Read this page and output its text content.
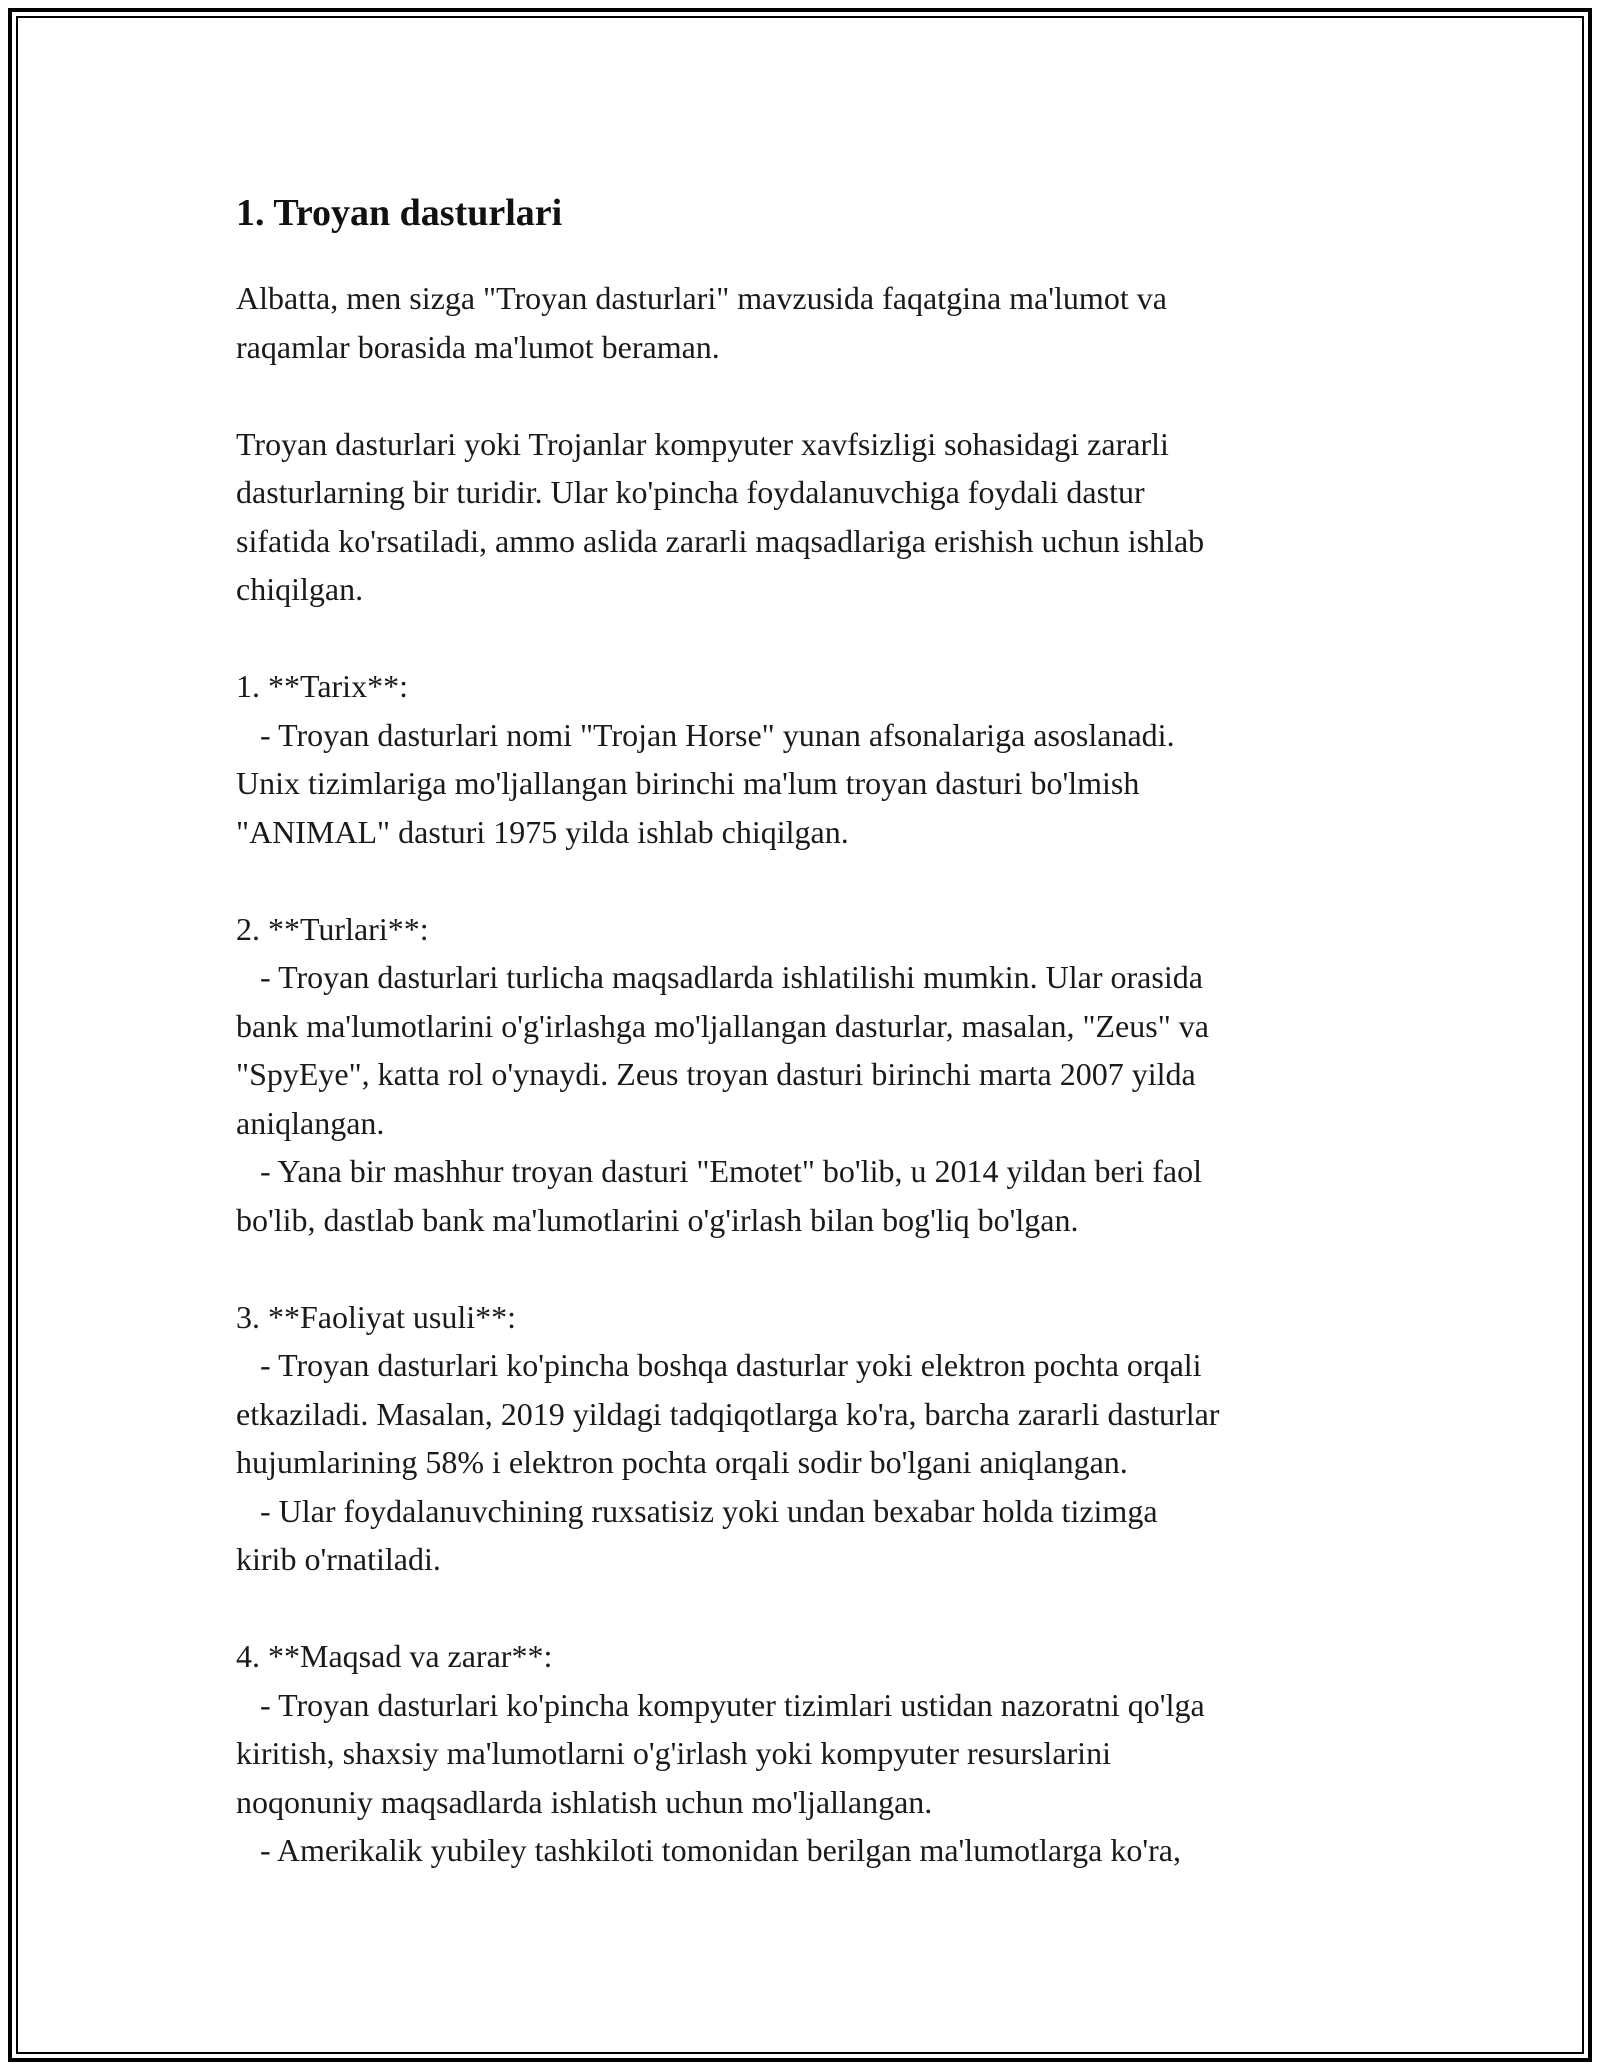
1. Troyan dasturlari

Albatta, men sizga "Troyan dasturlari" mavzusida faqatgina ma'lumot va
raqamlar borasida ma'lumot beraman.

Troyan dasturlari yoki Trojanlar kompyuter xavfsizligi sohasidagi zararli
dasturlarning bir turidir. Ular ko'pincha foydalanuvchiga foydali dastur
sifatida ko'rsatiladi, ammo aslida zararli maqsadlariga erishish uchun ishlab
chiqilgan.

1. **Tarix**:
- Troyan dasturlari nomi "Trojan Horse" yunan afsonalariga asoslanadi.
Unix tizimlariga mo'ljallangan birinchi ma'lum troyan dasturi bo'lmish
"ANIMAL" dasturi 1975 yilda ishlab chiqilgan.
2. **Turlari**:
- Troyan dasturlari turlicha maqsadlarda ishlatilishi mumkin. Ular orasida
bank ma'lumotlarini o'g'irlashga mo'ljallangan dasturlar, masalan, "Zeus" va
"SpyEye", katta rol o'ynaydi. Zeus troyan dasturi birinchi marta 2007 yilda
aniqlangan.
- Yana bir mashhur troyan dasturi "Emotet" bo'lib, u 2014 yildan beri faol
bo'lib, dastlab bank ma'lumotlarini o'g'irlash bilan bog'liq bo'lgan.
3. **Faoliyat usuli**:
- Troyan dasturlari ko'pincha boshqa dasturlar yoki elektron pochta orqali
etkaziladi. Masalan, 2019 yildagi tadqiqotlarga ko'ra, barcha zararli dasturlar
hujumlarining 58% i elektron pochta orqali sodir bo'lgani aniqlangan.
- Ular foydalanuvchining ruxsatisiz yoki undan bexabar holda tizimga
kirib o'rnatiladi.
4. **Maqsad va zarar**:
- Troyan dasturlari ko'pincha kompyuter tizimlari ustidan nazoratni qo'lga
kiritish, shaxsiy ma'lumotlarni o'g'irlash yoki kompyuter resurslarini
noqonuniy maqsadlarda ishlatish uchun mo'ljallangan.
- Amerikalik yubiley tashkiloti tomonidan berilgan ma'lumotlarga ko'ra,
